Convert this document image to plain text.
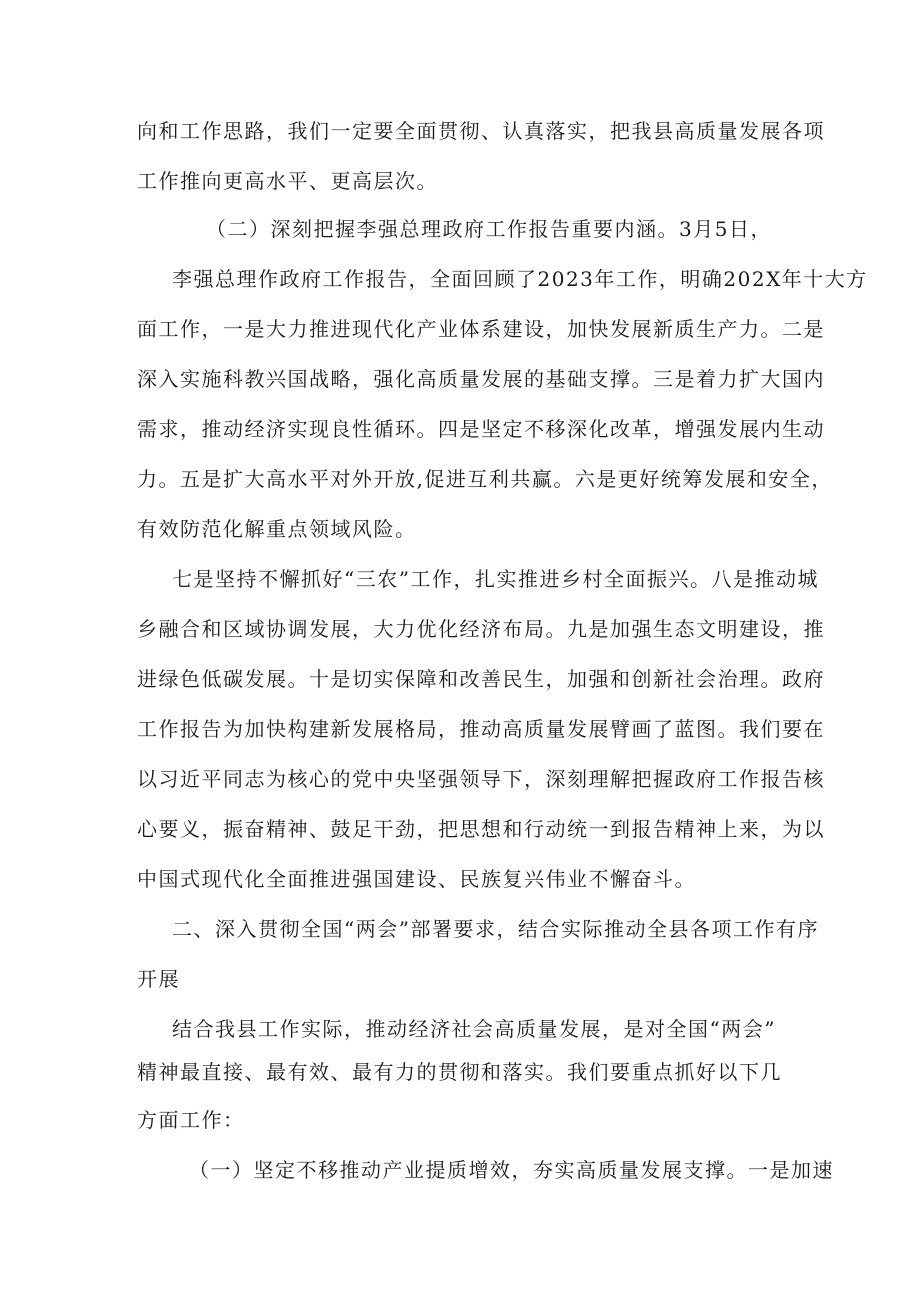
向和工作思路，我们一定要全面贯彻、认真落实，把我县高质量发展各项
工作推向更高水平、更高层次。
（二）深刻把握李强总理政府工作报告重要内涵。3月5日，
李强总理作政府工作报告，全面回顾了2023年工作，明确202X年十大方
面工作，一是大力推进现代化产业体系建设，加快发展新质生产力。二是
深入实施科教兴国战略，强化高质量发展的基础支撑。三是着力扩大国内
需求，推动经济实现良性循环。四是坚定不移深化改革，增强发展内生动
力。五是扩大高水平对外开放,促进互利共赢。六是更好统筹发展和安全，
有效防范化解重点领域风险。
七是坚持不懈抓好“三农”工作，扎实推进乡村全面振兴。八是推动城
乡融合和区域协调发展，大力优化经济布局。九是加强生态文明建设，推
进绿色低碳发展。十是切实保障和改善民生，加强和创新社会治理。政府
工作报告为加快构建新发展格局，推动高质量发展臂画了蓝图。我们要在
以习近平同志为核心的党中央坚强领导下，深刻理解把握政府工作报告核
心要义，振奋精神、鼓足干劲，把思想和行动统一到报告精神上来，为以
中国式现代化全面推进强国建设、民族复兴伟业不懈奋斗。
二、深入贯彻全国“两会”部署要求，结合实际推动全县各项工作有序
开展
结合我县工作实际，推动经济社会高质量发展，是对全国“两会”
精神最直接、最有效、最有力的贯彻和落实。我们要重点抓好以下几
方面工作：
（一）坚定不移推动产业提质增效，夯实高质量发展支撑。一是加速
